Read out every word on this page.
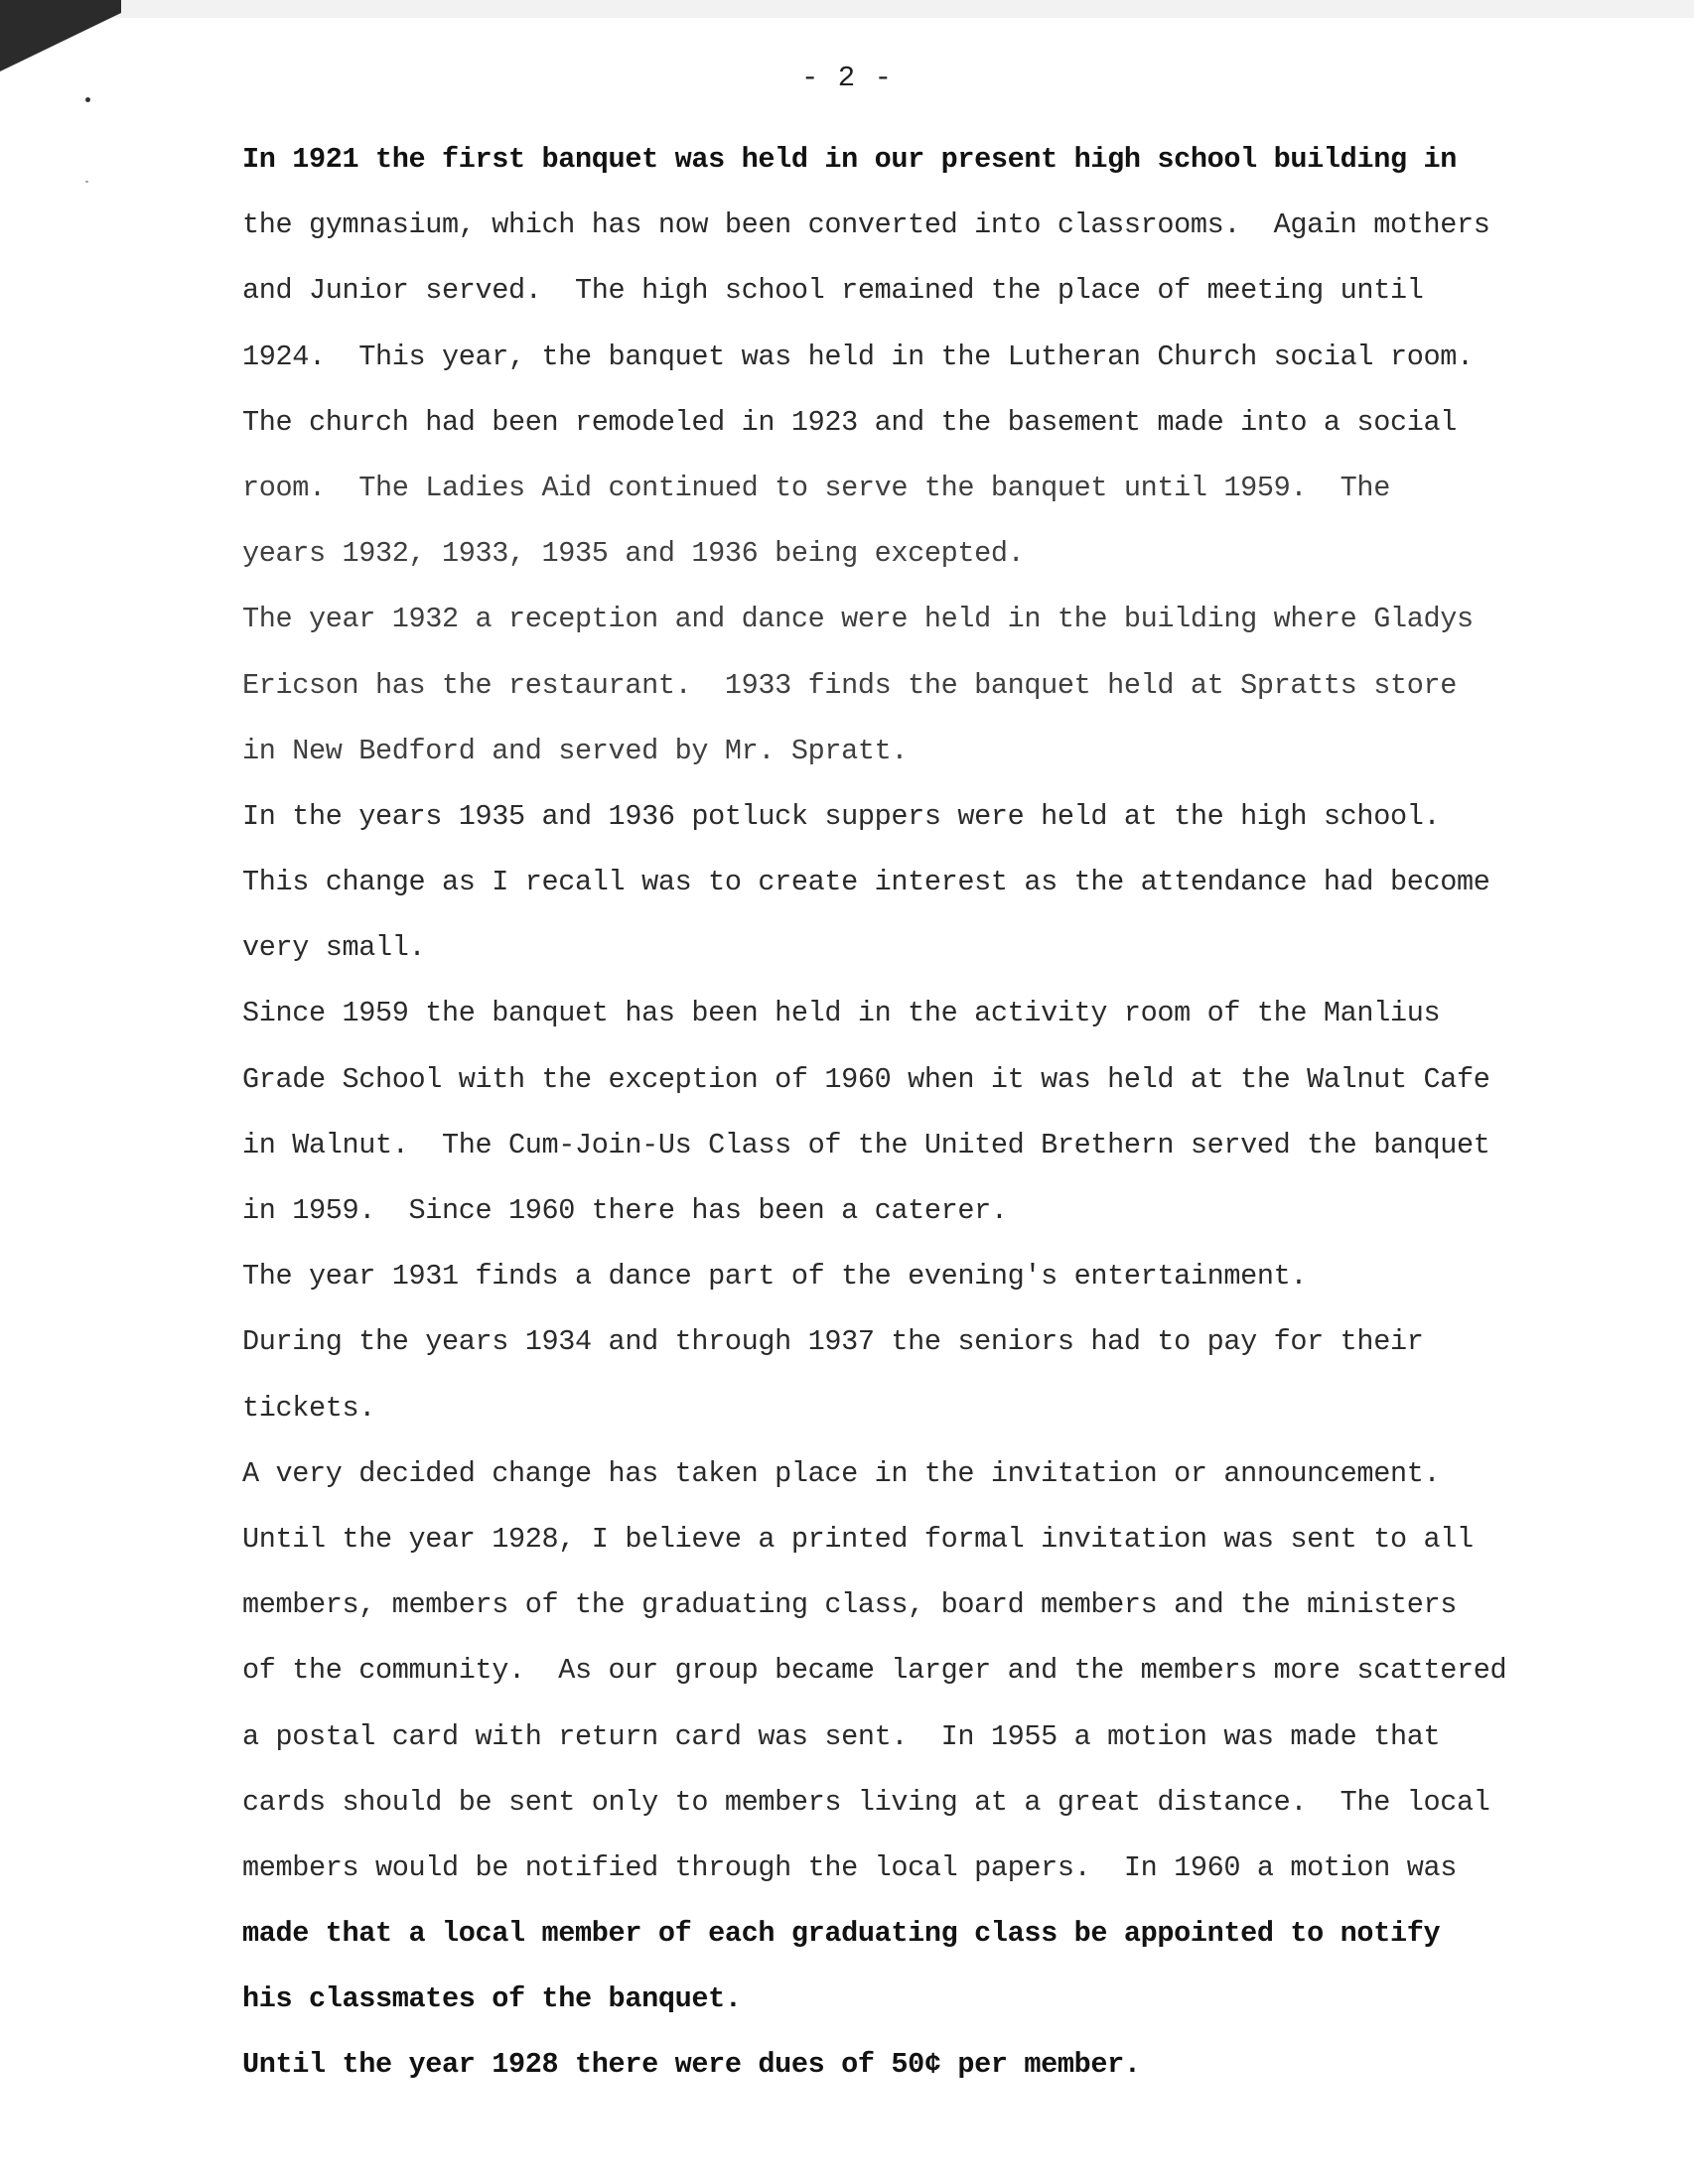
- 2 -
In 1921 the first banquet was held in our present high school building in
the gymnasium, which has now been converted into classrooms.  Again mothers
and Junior served.  The high school remained the place of meeting until
1924.  This year, the banquet was held in the Lutheran Church social room.
The church had been remodeled in 1923 and the basement made into a social
room.  The Ladies Aid continued to serve the banquet until 1959.  The
years 1932, 1933, 1935 and 1936 being excepted.
The year 1932 a reception and dance were held in the building where Gladys
Ericson has the restaurant.  1933 finds the banquet held at Spratts store
in New Bedford and served by Mr. Spratt.
In the years 1935 and 1936 potluck suppers were held at the high school.
This change as I recall was to create interest as the attendance had become
very small.
Since 1959 the banquet has been held in the activity room of the Manlius
Grade School with the exception of 1960 when it was held at the Walnut Cafe
in Walnut.  The Cum-Join-Us Class of the United Brethern served the banquet
in 1959.  Since 1960 there has been a caterer.
The year 1931 finds a dance part of the evening's entertainment.
During the years 1934 and through 1937 the seniors had to pay for their
tickets.
A very decided change has taken place in the invitation or announcement.
Until the year 1928, I believe a printed formal invitation was sent to all
members, members of the graduating class, board members and the ministers
of the community.  As our group became larger and the members more scattered
a postal card with return card was sent.  In 1955 a motion was made that
cards should be sent only to members living at a great distance.  The local
members would be notified through the local papers.  In 1960 a motion was
made that a local member of each graduating class be appointed to notify
his classmates of the banquet.
Until the year 1928 there were dues of 50¢ per member.
